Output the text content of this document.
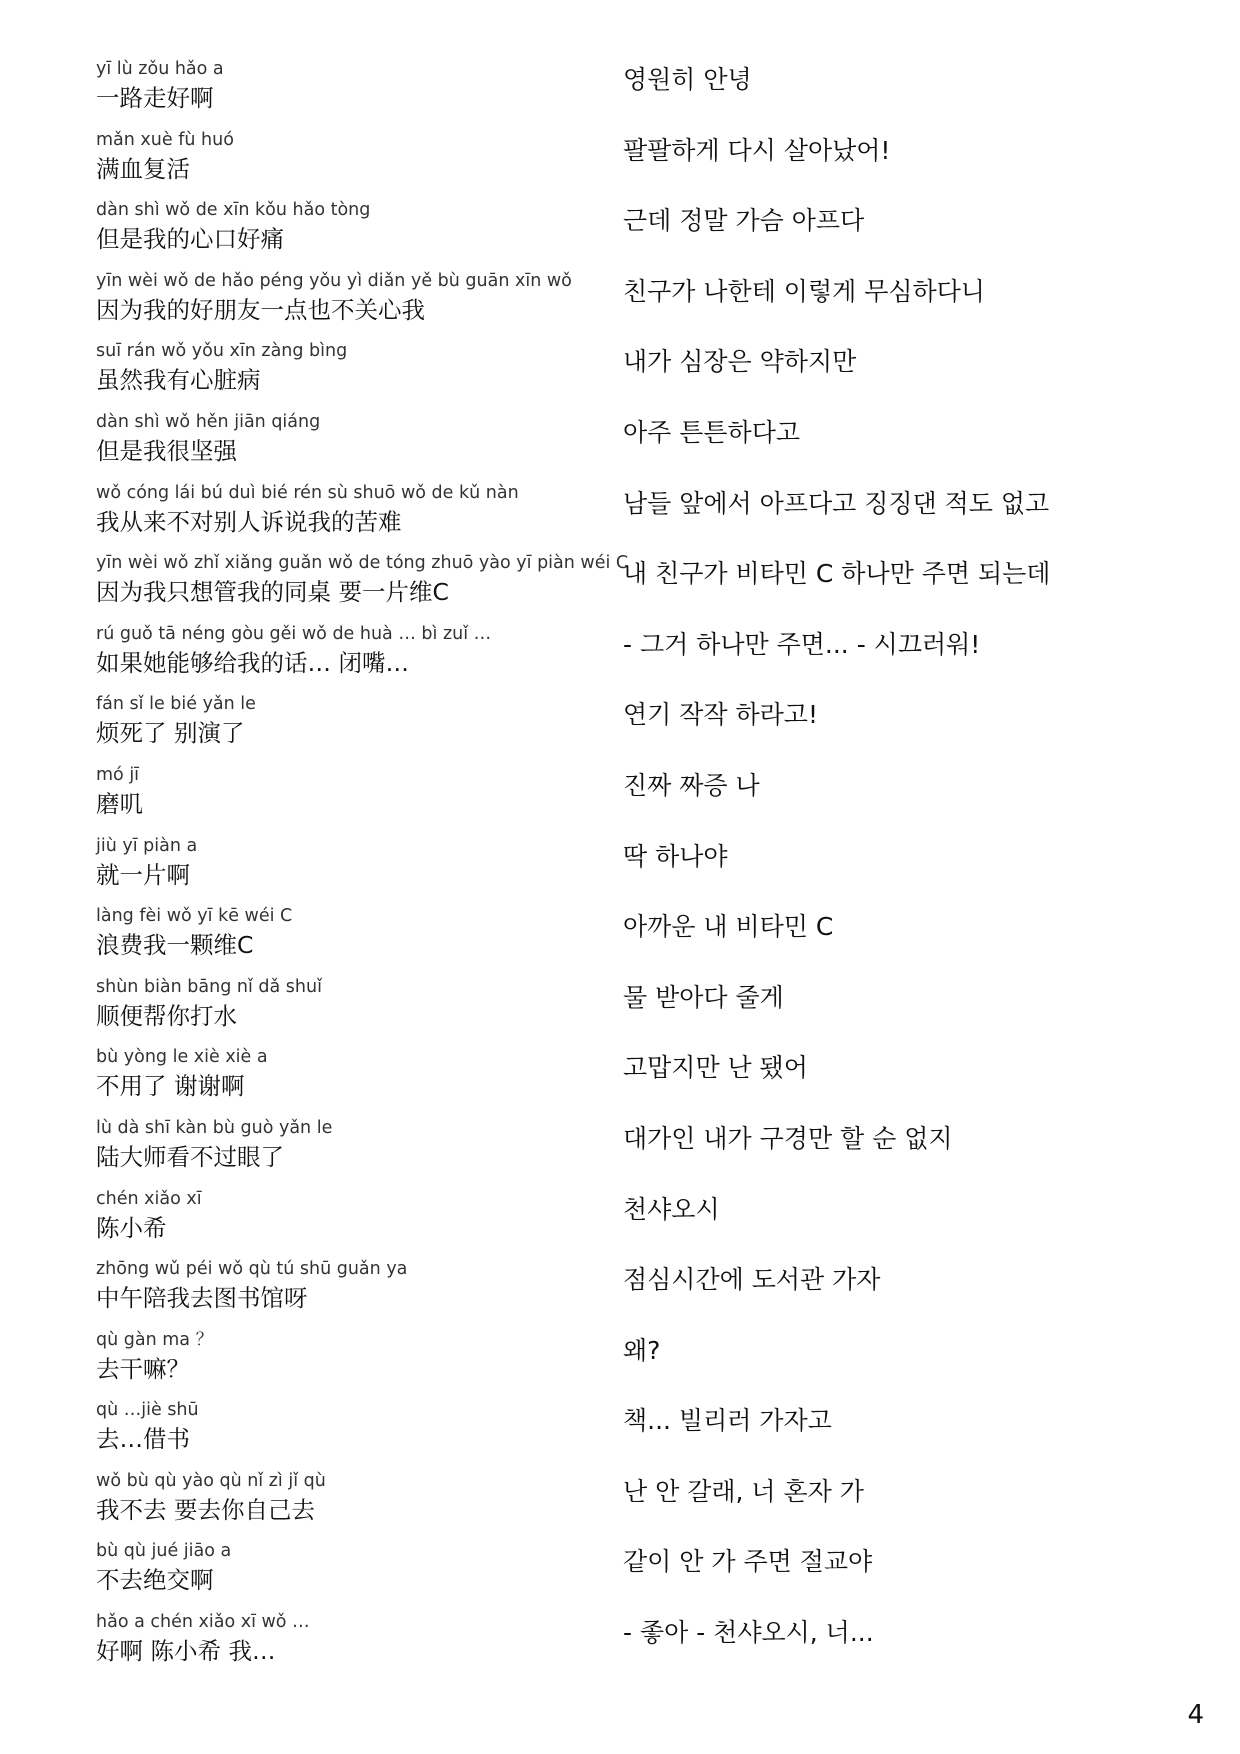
yī lù zǒu hǎo a
一路走好啊
영원히 안녕
mǎn xuè fù huó
满血复活
팔팔하게 다시 살아났어!
dàn shì wǒ de xīn kǒu hǎo tòng
但是我的心口好痛
근데 정말 가슴 아프다
yīn wèi wǒ de hǎo péng yǒu yì diǎn yě bù guān xīn wǒ
因为我的好朋友一点也不关心我
친구가 나한테 이렇게 무심하다니
suī rán wǒ yǒu xīn zàng bìng
虽然我有心脏病
내가 심장은 약하지만
dàn shì wǒ hěn jiān qiáng
但是我很坚强
아주 튼튼하다고
wǒ cóng lái bú duì bié rén sù shuō wǒ de kǔ nàn
我从来不对别人诉说我的苦难
남들 앞에서 아프다고 징징댄 적도 없고
yīn wèi wǒ zhǐ xiǎng guǎn wǒ de tóng zhuō yào yī piàn wéi C
因为我只想管我的同桌 要一片维C
내 친구가 비타민 C 하나만 주면 되는데
rú guǒ tā néng gòu gěi wǒ de huà … bì zuǐ …
如果她能够给我的话… 闭嘴…
- 그거 하나만 주면... - 시끄러워!
fán sǐ le bié yǎn le
烦死了 别演了
연기 작작 하라고!
mó jī
磨叽
진짜 짜증 나
jiù yī piàn a
就一片啊
딱 하나야
làng fèi wǒ yī kē wéi C
浪费我一颗维C
아까운 내 비타민 C
shùn biàn bāng nǐ dǎ shuǐ
顺便帮你打水
물 받아다 줄게
bù yòng le xiè xiè a
不用了 谢谢啊
고맙지만 난 됐어
lù dà shī kàn bù guò yǎn le
陆大师看不过眼了
대가인 내가 구경만 할 순 없지
chén xiǎo xī
陈小希
천샤오시
zhōng wǔ péi wǒ qù tú shū guǎn ya
中午陪我去图书馆呀
점심시간에 도서관 가자
qù gàn ma ？
去干嘛？
왜?
qù …jiè shū
去…借书
책... 빌리러 가자고
wǒ bù qù yào qù nǐ zì jǐ qù
我不去 要去你自己去
난 안 갈래, 너 혼자 가
bù qù jué jiāo a
不去绝交啊
같이 안 가 주면 절교야
hǎo a chén xiǎo xī wǒ …
好啊 陈小希 我…
- 좋아 - 천샤오시, 너...
4
